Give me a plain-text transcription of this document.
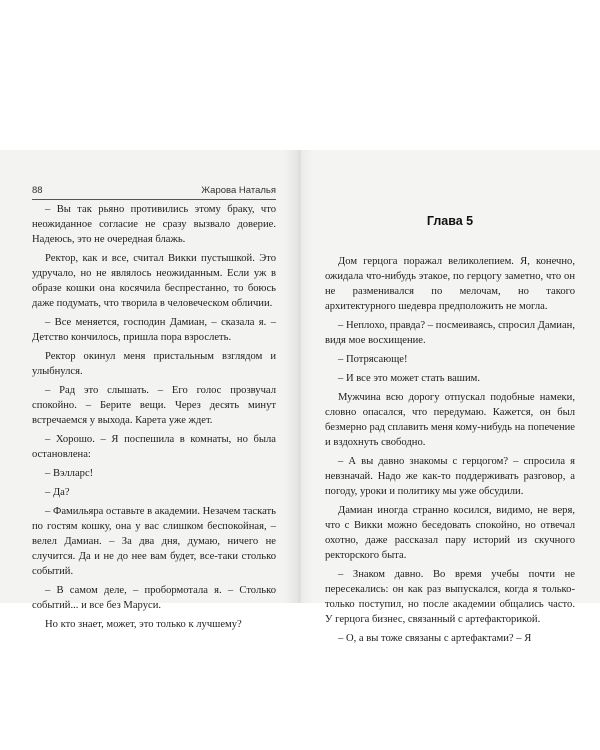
88	Жарова Наталья

– Вы так рьяно противились этому браку, что неожиданное согласие не сразу вызвало доверие. Надеюсь, это не очередная блажь.

Ректор, как и все, считал Викки пустышкой. Это удручало, но не являлось неожиданным. Если уж в образе кошки она косячила беспрестанно, то боюсь даже подумать, что творила в человеческом обличии.

– Все меняется, господин Дамиан, – сказала я. – Детство кончилось, пришла пора взрослеть.

Ректор окинул меня пристальным взглядом и улыбнулся.

– Рад это слышать. – Его голос прозвучал спокойно. – Берите вещи. Через десять минут встречаемся у выхода. Карета уже ждет.

– Хорошо. – Я поспешила в комнаты, но была остановлена:

– Вэлларс!

– Да?

– Фамильяра оставьте в академии. Незачем таскать по гостям кошку, она у вас слишком беспокойная, – велел Дамиан. – За два дня, думаю, ничего не случится. Да и не до нее вам будет, все-таки столько событий.

– В самом деле, – пробормотала я. – Столько событий... и все без Маруси.

Но кто знает, может, это только к лучшему?

Глава 5

Дом герцога поражал великолепием. Я, конечно, ожидала что-нибудь этакое, по герцогу заметно, что он не разменивался по мелочам, но такого архитектурного шедевра предположить не могла.

– Неплохо, правда? – посмеиваясь, спросил Дамиан, видя мое восхищение.

– Потрясающе!

– И все это может стать вашим.

Мужчина всю дорогу отпускал подобные намеки, словно опасался, что передумаю. Кажется, он был безмерно рад сплавить меня кому-нибудь на попечение и вздохнуть свободно.

– А вы давно знакомы с герцогом? – спросила я невзначай. Надо же как-то поддерживать разговор, а погоду, уроки и политику мы уже обсудили.

Дамиан иногда странно косился, видимо, не веря, что с Викки можно беседовать спокойно, но отвечал охотно, даже рассказал пару историй из скучного ректорского быта.

– Знаком давно. Во время учебы почти не пересекались: он как раз выпускался, когда я только-только поступил, но после академии общались часто. У герцога бизнес, связанный с артефакторикой.

– О, а вы тоже связаны с артефактами? – Я
